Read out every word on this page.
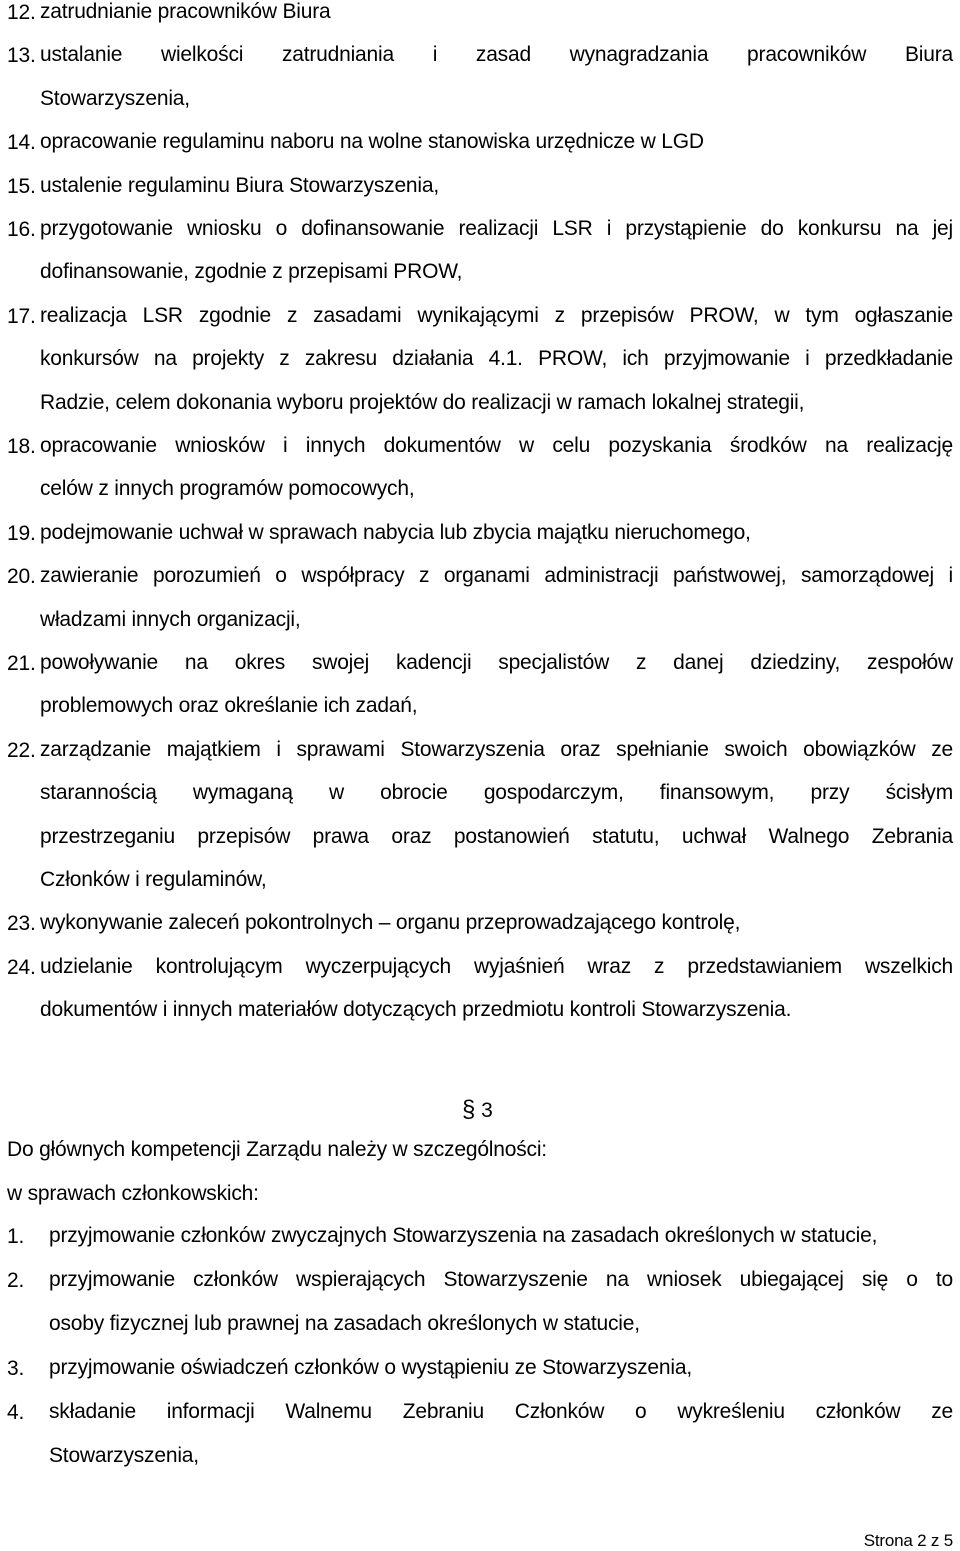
12. zatrudnianie pracowników Biura
13. ustalanie wielkości zatrudniania i zasad wynagradzania pracowników Biura
Stowarzyszenia,
14. opracowanie regulaminu naboru na wolne stanowiska urzędnicze w LGD
15. ustalenie regulaminu Biura Stowarzyszenia,
16. przygotowanie wniosku o dofinansowanie realizacji LSR i przystąpienie do konkursu na jej
dofinansowanie, zgodnie z przepisami PROW,
17. realizacja LSR zgodnie z zasadami wynikającymi z przepisów PROW, w tym ogłaszanie
konkursów na projekty z zakresu działania 4.1. PROW, ich przyjmowanie i przedkładanie
Radzie, celem dokonania wyboru projektów do realizacji w ramach lokalnej strategii,
18. opracowanie wniosków i innych dokumentów w celu pozyskania środków na realizację
celów z innych programów pomocowych,
19. podejmowanie uchwał w sprawach nabycia lub zbycia majątku nieruchomego,
20. zawieranie porozumień o współpracy z organami administracji państwowej, samorządowej i
władzami innych organizacji,
21. powoływanie na okres swojej kadencji specjalistów z danej dziedziny, zespołów
problemowych oraz określanie ich zadań,
22. zarządzanie majątkiem i sprawami Stowarzyszenia oraz spełnianie swoich obowiązków ze
starannością wymaganą w obrocie gospodarczym, finansowym, przy ścisłym
przestrzeganiu przepisów prawa oraz postanowień statutu, uchwał Walnego Zebrania
Członków i regulaminów,
23. wykonywanie zaleceń pokontrolnych – organu przeprowadzającego kontrolę,
24. udzielanie kontrolującym wyczerpujących wyjaśnień wraz z przedstawianiem wszelkich
dokumentów i innych materiałów dotyczących przedmiotu kontroli Stowarzyszenia.
§ 3
Do głównych kompetencji Zarządu należy w szczególności:
w sprawach członkowskich:
1. przyjmowanie członków zwyczajnych Stowarzyszenia na zasadach określonych w statucie,
2. przyjmowanie członków wspierających Stowarzyszenie na wniosek ubiegającej się o to
osoby fizycznej lub prawnej na zasadach określonych w statucie,
3. przyjmowanie oświadczeń członków o wystąpieniu ze Stowarzyszenia,
4. składanie informacji Walnemu Zebraniu Członków o wykreśleniu członków ze
Stowarzyszenia,
Strona 2 z 5
